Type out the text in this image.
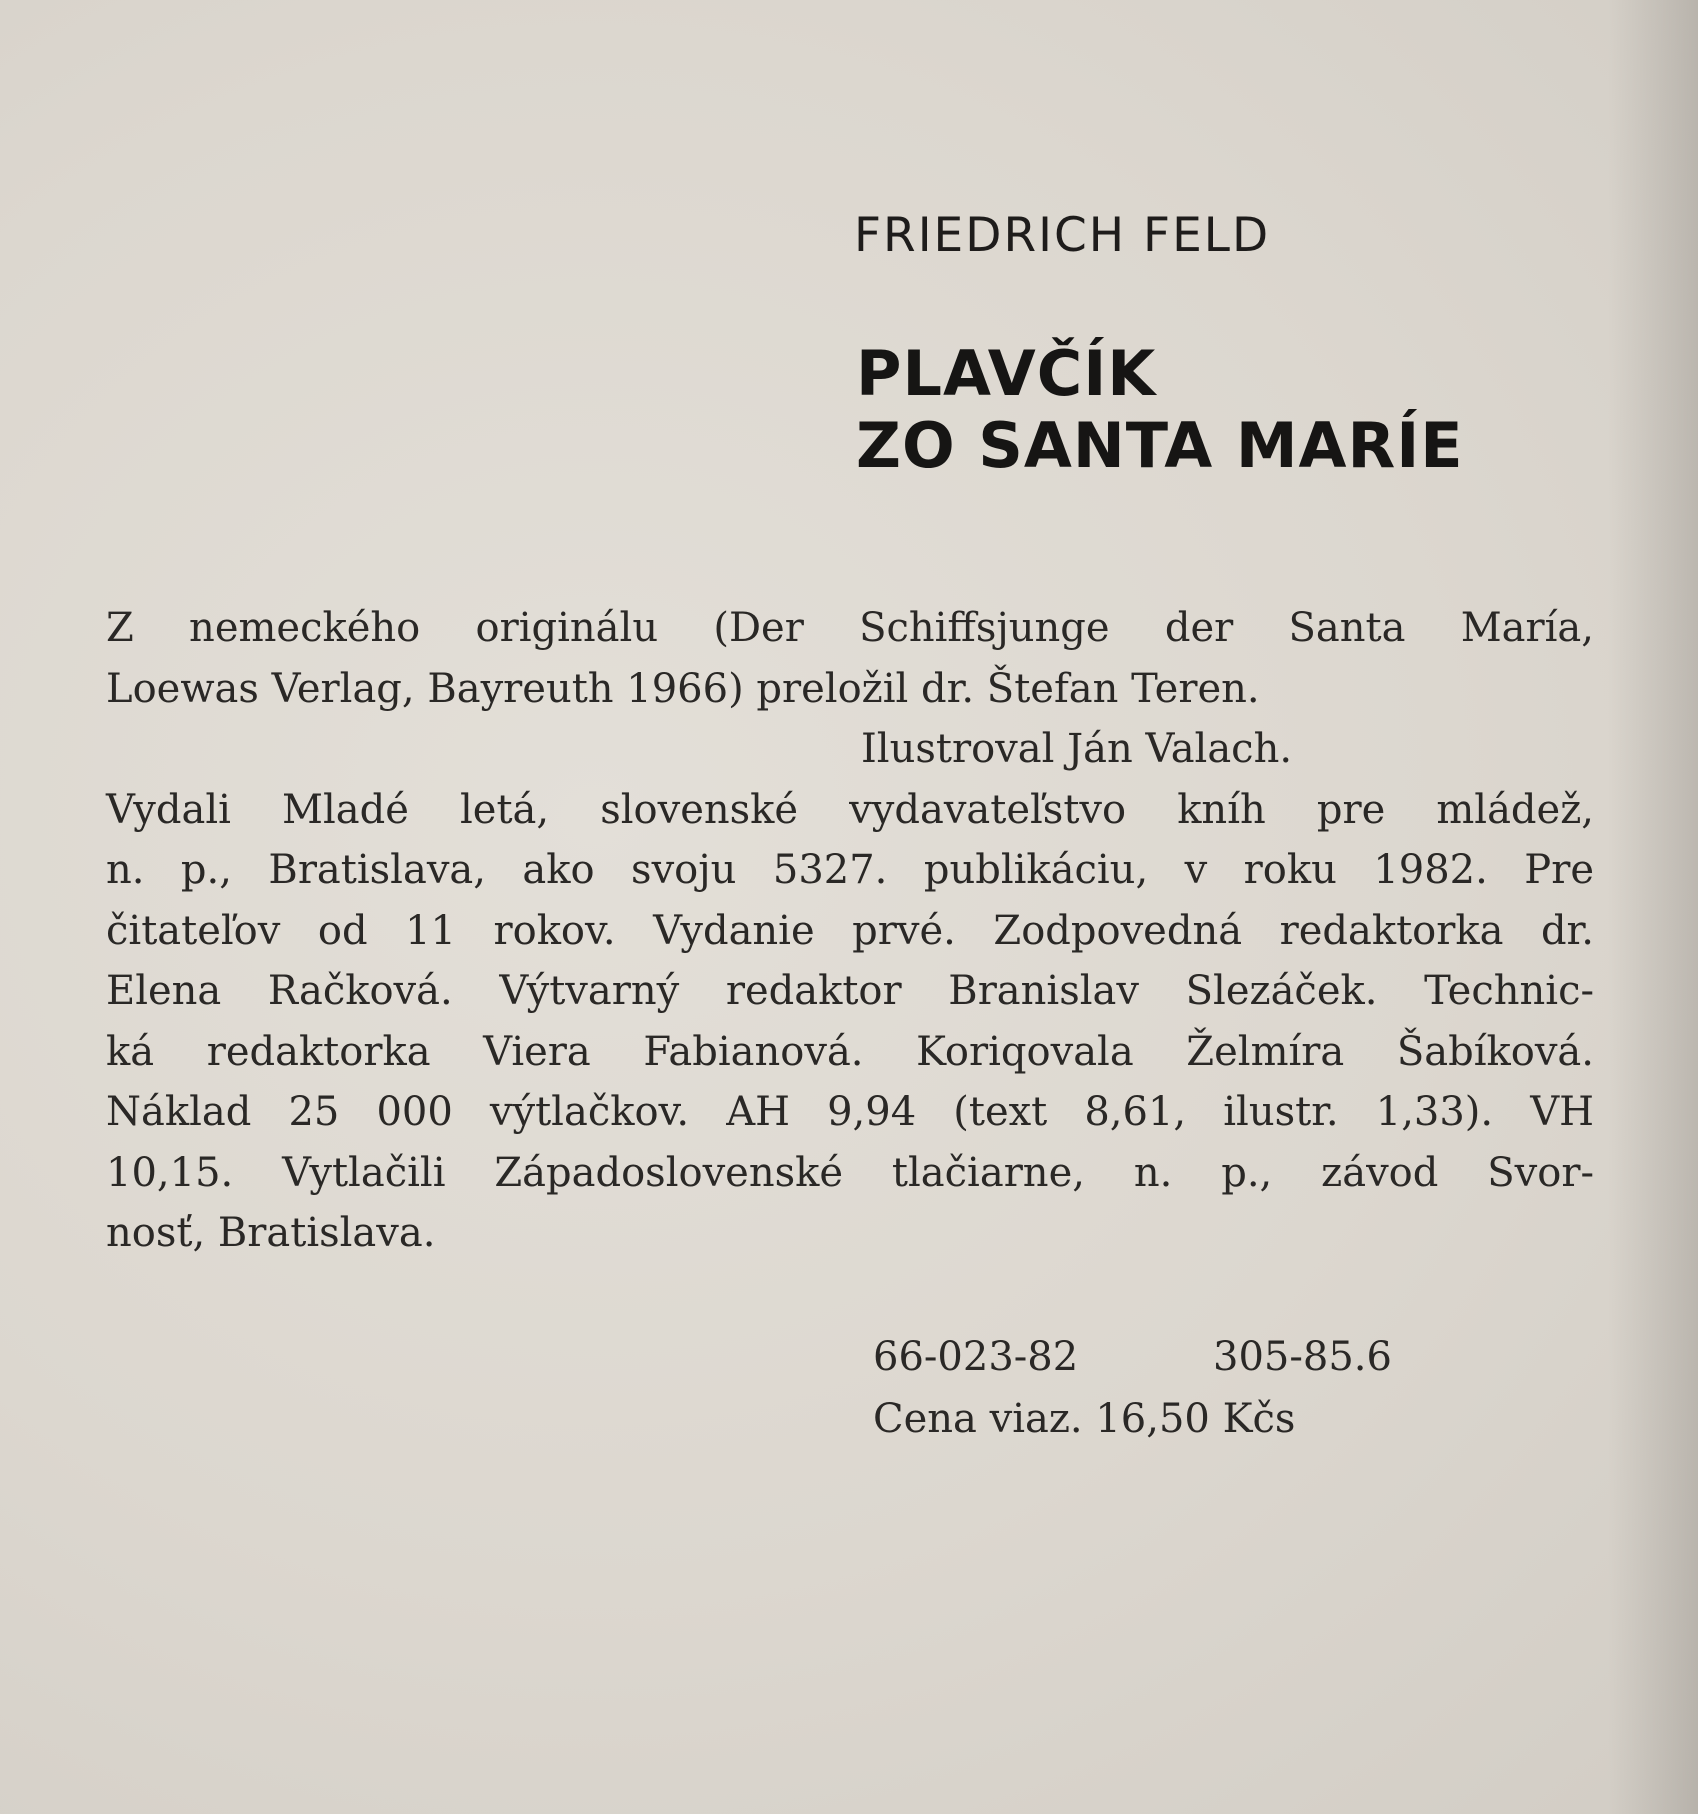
FRIEDRICH FELD
PLAVČÍK
ZO SANTA MARÍE
Z nemeckého originálu (Der Schiffsjunge der Santa María,
Loewas Verlag, Bayreuth 1966) preložil dr. Štefan Teren.
Ilustroval Ján Valach.
Vydali Mladé letá, slovenské vydavateľstvo kníh pre mládež,
n. p., Bratislava, ako svoju 5327. publikáciu, v roku 1982. Pre
čitateľov od 11 rokov. Vydanie prvé. Zodpovedná redaktorka dr.
Elena Račková. Výtvarný redaktor Branislav Slezáček. Technic-
ká redaktorka Viera Fabianová. Koriqovala Želmíra Šabíková.
Náklad 25 000 výtlačkov. AH 9,94 (text 8,61, ilustr. 1,33). VH
10,15. Vytlačili Západoslovenské tlačiarne, n. p., závod Svor-
nosť, Bratislava.
66-023-82	305-85.6
Cena viaz. 16,50 Kčs
